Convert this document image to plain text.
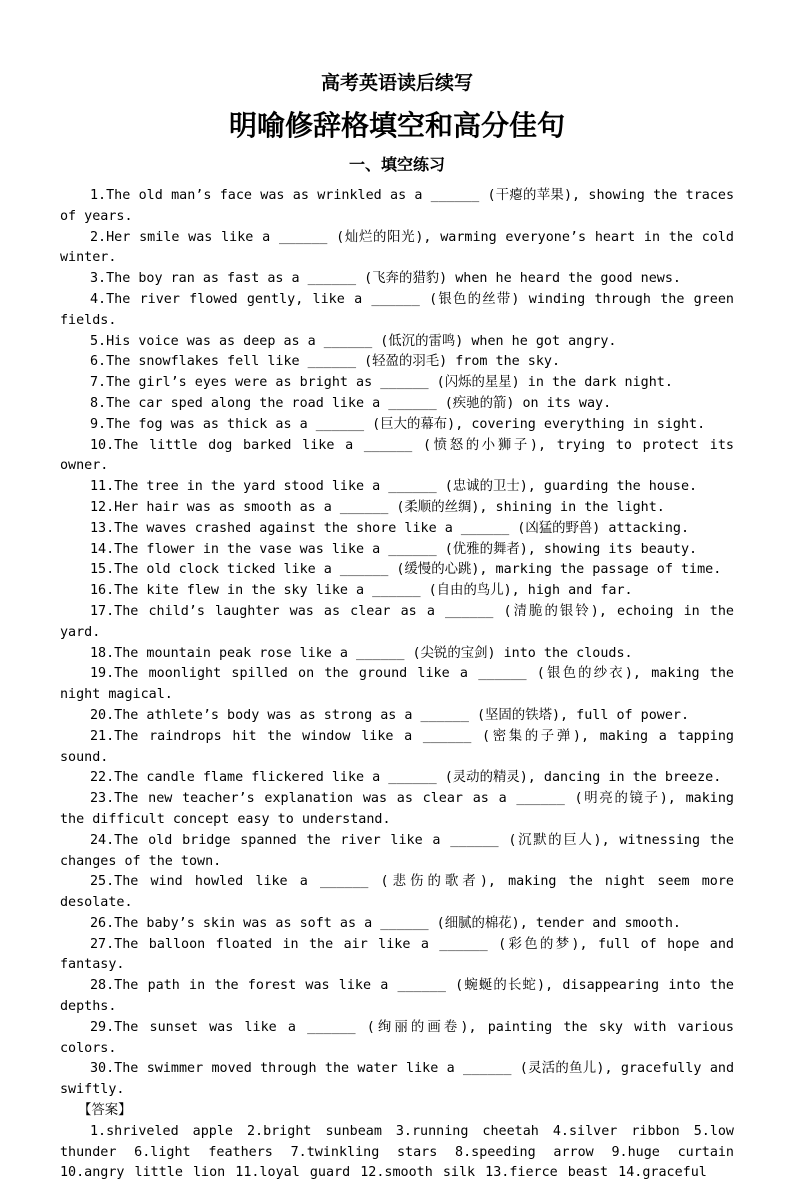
高考英语读后续写
明喻修辞格填空和高分佳句
一、填空练习

1.The old man’s face was as wrinkled as a ______ (干瘪的苹果), showing the traces of years.

2.Her smile was like a ______ (灿烂的阳光), warming everyone’s heart in the cold winter.

3.The boy ran as fast as a ______ (飞奔的猎豹) when he heard the good news.

4.The river flowed gently, like a ______ (银色的丝带) winding through the green fields.

5.His voice was as deep as a ______ (低沉的雷鸣) when he got angry.

6.The snowflakes fell like ______ (轻盈的羽毛) from the sky.

7.The girl’s eyes were as bright as ______ (闪烁的星星) in the dark night.

8.The car sped along the road like a ______ (疾驰的箭) on its way.

9.The fog was as thick as a ______ (巨大的幕布), covering everything in sight.

10.The little dog barked like a ______ (愤怒的小狮子), trying to protect its owner.

11.The tree in the yard stood like a ______ (忠诚的卫士), guarding the house.

12.Her hair was as smooth as a ______ (柔顺的丝绸), shining in the light.

13.The waves crashed against the shore like a ______ (凶猛的野兽) attacking.

14.The flower in the vase was like a ______ (优雅的舞者), showing its beauty.

15.The old clock ticked like a ______ (缓慢的心跳), marking the passage of time.

16.The kite flew in the sky like a ______ (自由的鸟儿), high and far.

17.The child’s laughter was as clear as a ______ (清脆的银铃), echoing in the yard.

18.The mountain peak rose like a ______ (尖锐的宝剑) into the clouds.

19.The moonlight spilled on the ground like a ______ (银色的纱衣), making the night magical.

20.The athlete’s body was as strong as a ______ (坚固的铁塔), full of power.

21.The raindrops hit the window like a ______ (密集的子弹), making a tapping sound.

22.The candle flame flickered like a ______ (灵动的精灵), dancing in the breeze.

23.The new teacher’s explanation was as clear as a ______ (明亮的镜子), making the difficult concept easy to understand.

24.The old bridge spanned the river like a ______ (沉默的巨人), witnessing the changes of the town.

25.The wind howled like a ______ (悲伤的歌者), making the night seem more desolate.

26.The baby’s skin was as soft as a ______ (细腻的棉花), tender and smooth.

27.The balloon floated in the air like a ______ (彩色的梦), full of hope and fantasy.

28.The path in the forest was like a ______ (蜿蜒的长蛇), disappearing into the depths.

29.The sunset was like a ______ (绚丽的画卷), painting the sky with various colors.

30.The swimmer moved through the water like a ______ (灵活的鱼儿), gracefully and swiftly.

【答案】

1.shriveled apple 2.bright sunbeam 3.running cheetah 4.silver ribbon 5.low thunder 6.light feathers 7.twinkling stars 8.speeding arrow 9.huge curtain 10.angry little lion 11.loyal guard 12.smooth silk 13.fierce beast 14.graceful
